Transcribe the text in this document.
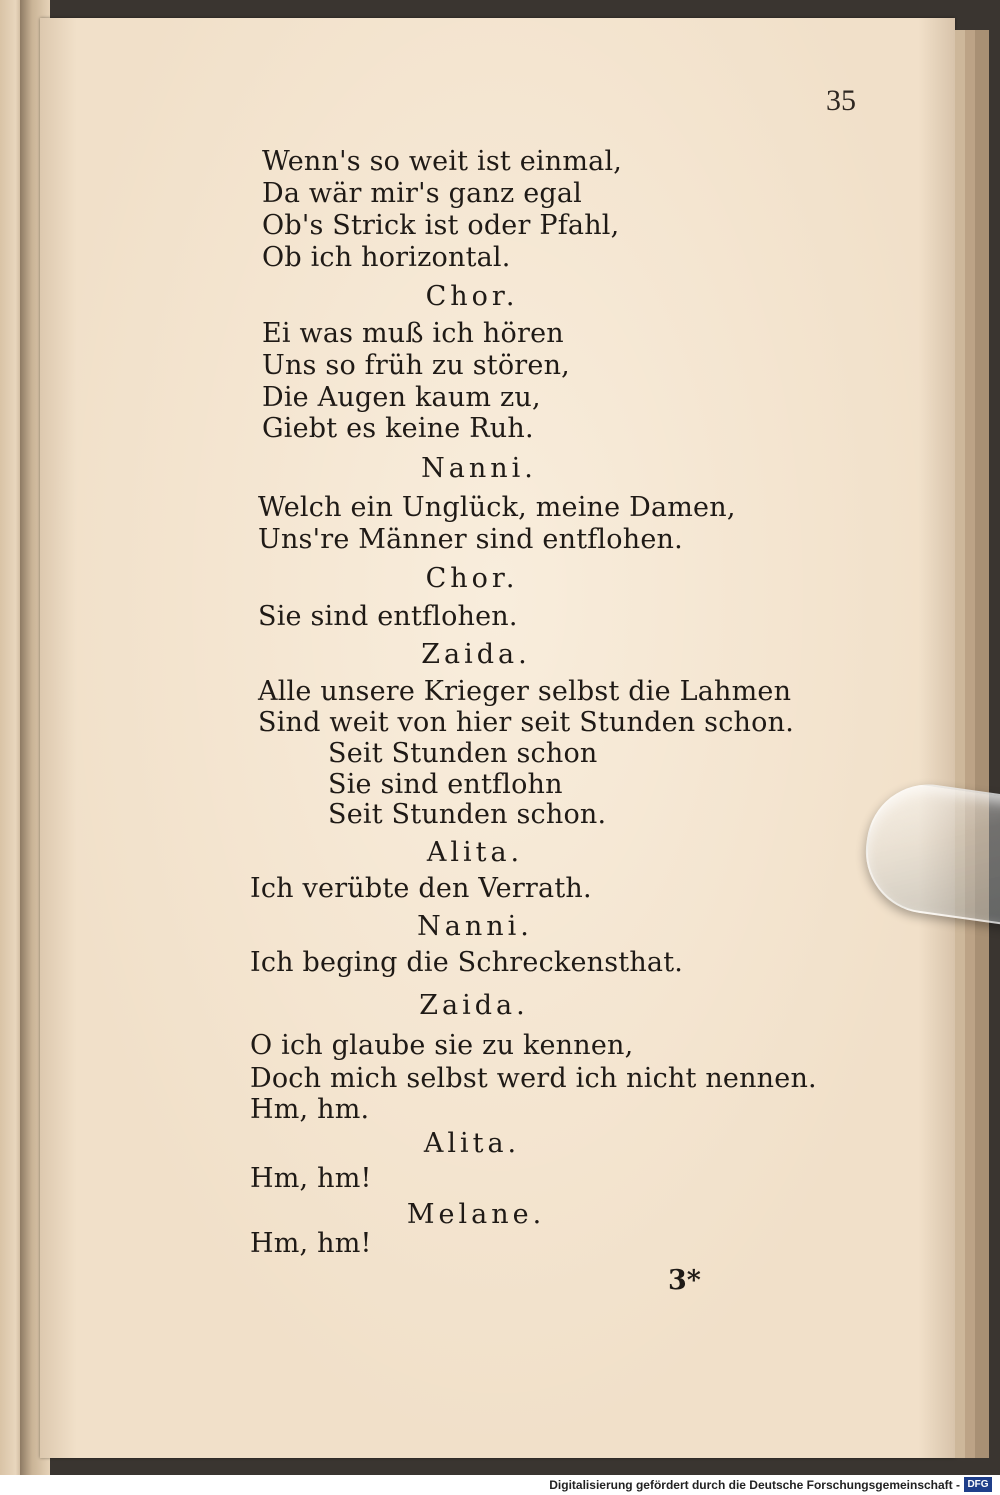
35
Wenn's so weit ist einmal,
Da wär mir's ganz egal
Ob's Strick ist oder Pfahl,
Ob ich horizontal.
Chor.
Ei was muß ich hören
Uns so früh zu stören,
Die Augen kaum zu,
Giebt es keine Ruh.
Nanni.
Welch ein Unglück, meine Damen,
Uns're Männer sind entflohen.
Chor.
Sie sind entflohen.
Zaida.
Alle unsere Krieger selbst die Lahmen
Sind weit von hier seit Stunden schon.
Seit Stunden schon
Sie sind entflohn
Seit Stunden schon.
Alita.
Ich verübte den Verrath.
Nanni.
Ich beging die Schreckensthat.
Zaida.
O ich glaube sie zu kennen,
Doch mich selbst werd ich nicht nennen.
Hm, hm.
Alita.
Hm, hm!
Melane.
Hm, hm!
3*
Digitalisierung gefördert durch die Deutsche Forschungsgemeinschaft - DFG
